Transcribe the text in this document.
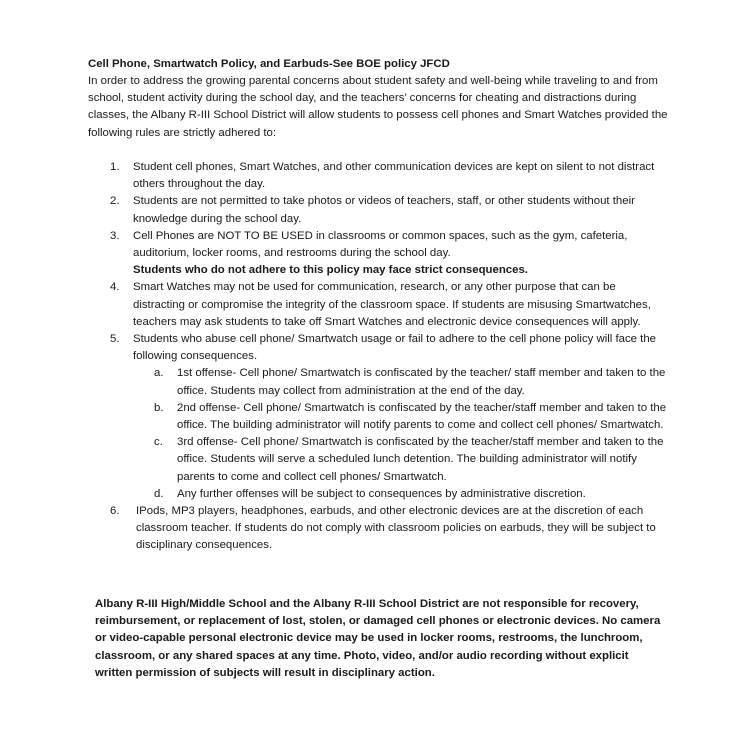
Cell Phone, Smartwatch Policy, and Earbuds-See BOE policy JFCD
In order to address the growing parental concerns about student safety and well-being while traveling to and from school, student activity during the school day, and the teachers’ concerns for cheating and distractions during classes, the Albany R-III School District will allow students to possess cell phones and Smart Watches provided the following rules are strictly adhered to:
1. Student cell phones, Smart Watches, and other communication devices are kept on silent to not distract others throughout the day.

2. Students are not permitted to take photos or videos of teachers, staff, or other students without their knowledge during the school day.

3. Cell Phones are NOT TO BE USED in classrooms or common spaces, such as the gym, cafeteria, auditorium, locker rooms, and restrooms during the school day.

Students who do not adhere to this policy may face strict consequences.

4. Smart Watches may not be used for communication, research, or any other purpose that can be distracting or compromise the integrity of the classroom space. If students are misusing Smartwatches, teachers may ask students to take off Smart Watches and electronic device consequences will apply.

5. Students who abuse cell phone/ Smartwatch usage or fail to adhere to the cell phone policy will face the following consequences.

a. 1st offense- Cell phone/ Smartwatch is confiscated by the teacher/ staff member and taken to the office. Students may collect from administration at the end of the day.

b. 2nd offense- Cell phone/ Smartwatch is confiscated by the teacher/staff member and taken to the office. The building administrator will notify parents to come and collect cell phones/ Smartwatch.

c. 3rd offense- Cell phone/ Smartwatch is confiscated by the teacher/staff member and taken to the office. Students will serve a scheduled lunch detention. The building administrator will notify parents to come and collect cell phones/ Smartwatch.

d. Any further offenses will be subject to consequences by administrative discretion.

6. IPods, MP3 players, headphones, earbuds, and other electronic devices are at the discretion of each classroom teacher. If students do not comply with classroom policies on earbuds, they will be subject to disciplinary consequences.

Albany R-III High/Middle School and the Albany R-III School District are not responsible for recovery, reimbursement, or replacement of lost, stolen, or damaged cell phones or electronic devices. No camera or video-capable personal electronic device may be used in locker rooms, restrooms, the lunchroom, classroom, or any shared spaces at any time. Photo, video, and/or audio recording without explicit written permission of subjects will result in disciplinary action.
